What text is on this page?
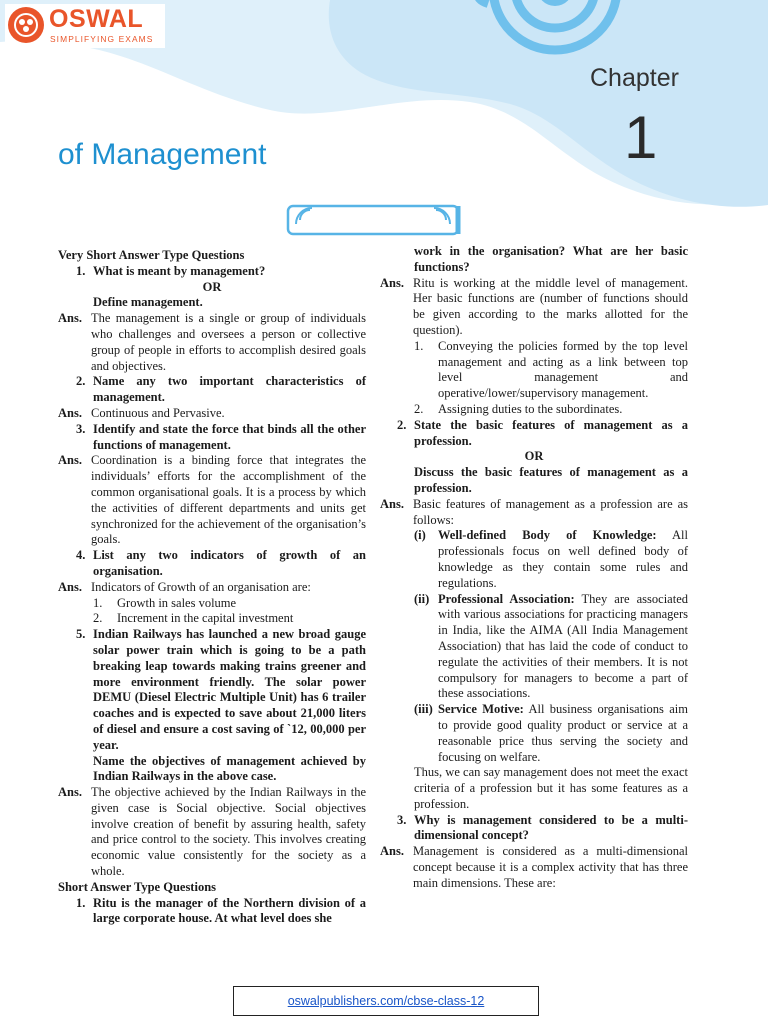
OSWAL
SIMPLIFYING EXAMS
Chapter
1
of Management

Very Short Answer Type Questions

1. What is meant by management?

OR

Define management.

Ans. The management is a single or group of individuals who challenges and oversees a person or collective group of people in efforts to accomplish desired goals and objectives.
2. Name any two important characteristics of management.
Ans. Continuous and Pervasive.
3. Identify and state the force that binds all the other functions of management.
Ans. Coordination is a binding force that integrates the individuals’ efforts for the accomplishment of the common organisational goals. It is a process by which the activities of different departments and units get synchronized for the achievement of the organisation’s goals.
4. List any two indicators of growth of an organisation.
Ans. Indicators of Growth of an organisation are:
1.	Growth in sales volume
2.	Increment in the capital investment
5. Indian Railways has launched a new broad gauge solar power train which is going to be a path breaking leap towards making trains greener and more environment friendly. The solar power DEMU (Diesel Electric Multiple Unit) has 6 trailer coaches and is expected to save about 21,000 liters of diesel and ensure a cost saving of `12, 00,000 per year.

Name the objectives of management achieved by Indian Railways in the above case.

Ans. The objective achieved by the Indian Railways in the given case is Social objective. Social objectives involve creation of benefit by assuring health, safety and price control to the society. This involves creating economic value consistently for the society as a whole.

Short Answer Type Questions

1. Ritu is the manager of the Northern division of a large corporate house. At what level does she

work in the organisation? What are her basic functions?

Ans. Ritu is working at the middle level of management. Her basic functions are (number of functions should be given according to the marks allotted for the question).
1.	Conveying the policies formed by the top level management and acting as a link between top level management and operative/lower/supervisory management.
2.	Assigning duties to the subordinates.
2. State the basic features of management as a profession.

OR

Discuss the basic features of management as a profession.

Ans. Basic features of management as a profession are as follows:
(i) Well-defined Body of Knowledge: All professionals focus on well defined body of knowledge as they contain some rules and regulations.
(ii) Professional Association: They are associated with various associations for practicing managers in India, like the AIMA (All India Management Association) that has laid the code of conduct to regulate the activities of their members. It is not compulsory for managers to become a part of these associations.
(iii) Service Motive: All business organisations aim to provide good quality product or service at a reasonable price thus serving the society and focusing on welfare.

Thus, we can say management does not meet the exact criteria of a profession but it has some features as a profession.

3. Why is management considered to be a multi-dimensional concept?
Ans. Management is considered as a multi-dimensional concept because it is a complex activity that has three main dimensions. These are:
oswalpublishers.com/cbse-class-12
